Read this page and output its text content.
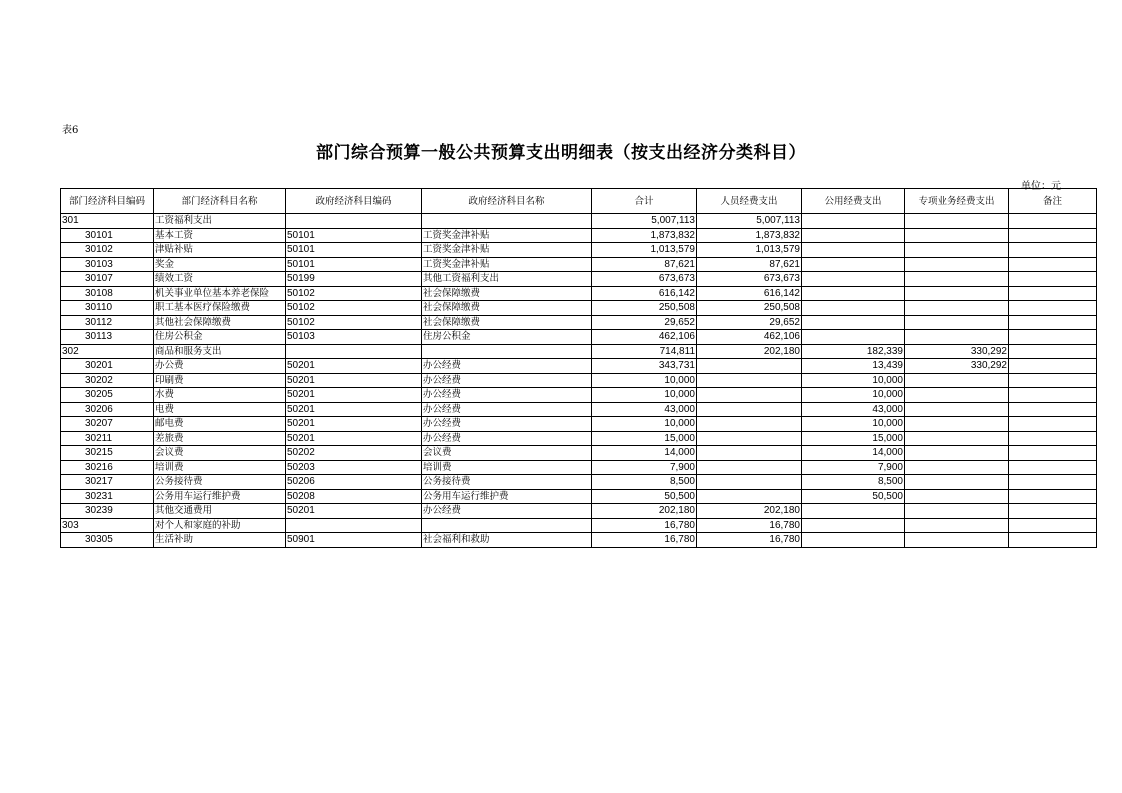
表6
部门综合预算一般公共预算支出明细表（按支出经济分类科目）
单位：元
部门经济科目编码	部门经济科目名称	政府经济科目编码	政府经济科目名称	合计	人员经费支出	公用经费支出	专项业务经费支出	备注
301	工资福利支出			5,007,113	5,007,113			
30101	基本工资	50101	工资奖金津补贴	1,873,832	1,873,832			
30102	津贴补贴	50101	工资奖金津补贴	1,013,579	1,013,579			
30103	奖金	50101	工资奖金津补贴	87,621	87,621			
30107	绩效工资	50199	其他工资福利支出	673,673	673,673			
30108	机关事业单位基本养老保险	50102	社会保障缴费	616,142	616,142			
30110	职工基本医疗保险缴费	50102	社会保障缴费	250,508	250,508			
30112	其他社会保障缴费	50102	社会保障缴费	29,652	29,652			
30113	住房公积金	50103	住房公积金	462,106	462,106			
302	商品和服务支出			714,811	202,180	182,339	330,292	
30201	办公费	50201	办公经费	343,731		13,439	330,292	
30202	印刷费	50201	办公经费	10,000		10,000		
30205	水费	50201	办公经费	10,000		10,000		
30206	电费	50201	办公经费	43,000		43,000		
30207	邮电费	50201	办公经费	10,000		10,000		
30211	差旅费	50201	办公经费	15,000		15,000		
30215	会议费	50202	会议费	14,000		14,000		
30216	培训费	50203	培训费	7,900		7,900		
30217	公务接待费	50206	公务接待费	8,500		8,500		
30231	公务用车运行维护费	50208	公务用车运行维护费	50,500		50,500		
30239	其他交通费用	50201	办公经费	202,180	202,180			
303	对个人和家庭的补助			16,780	16,780			
30305	生活补助	50901	社会福利和救助	16,780	16,780			
